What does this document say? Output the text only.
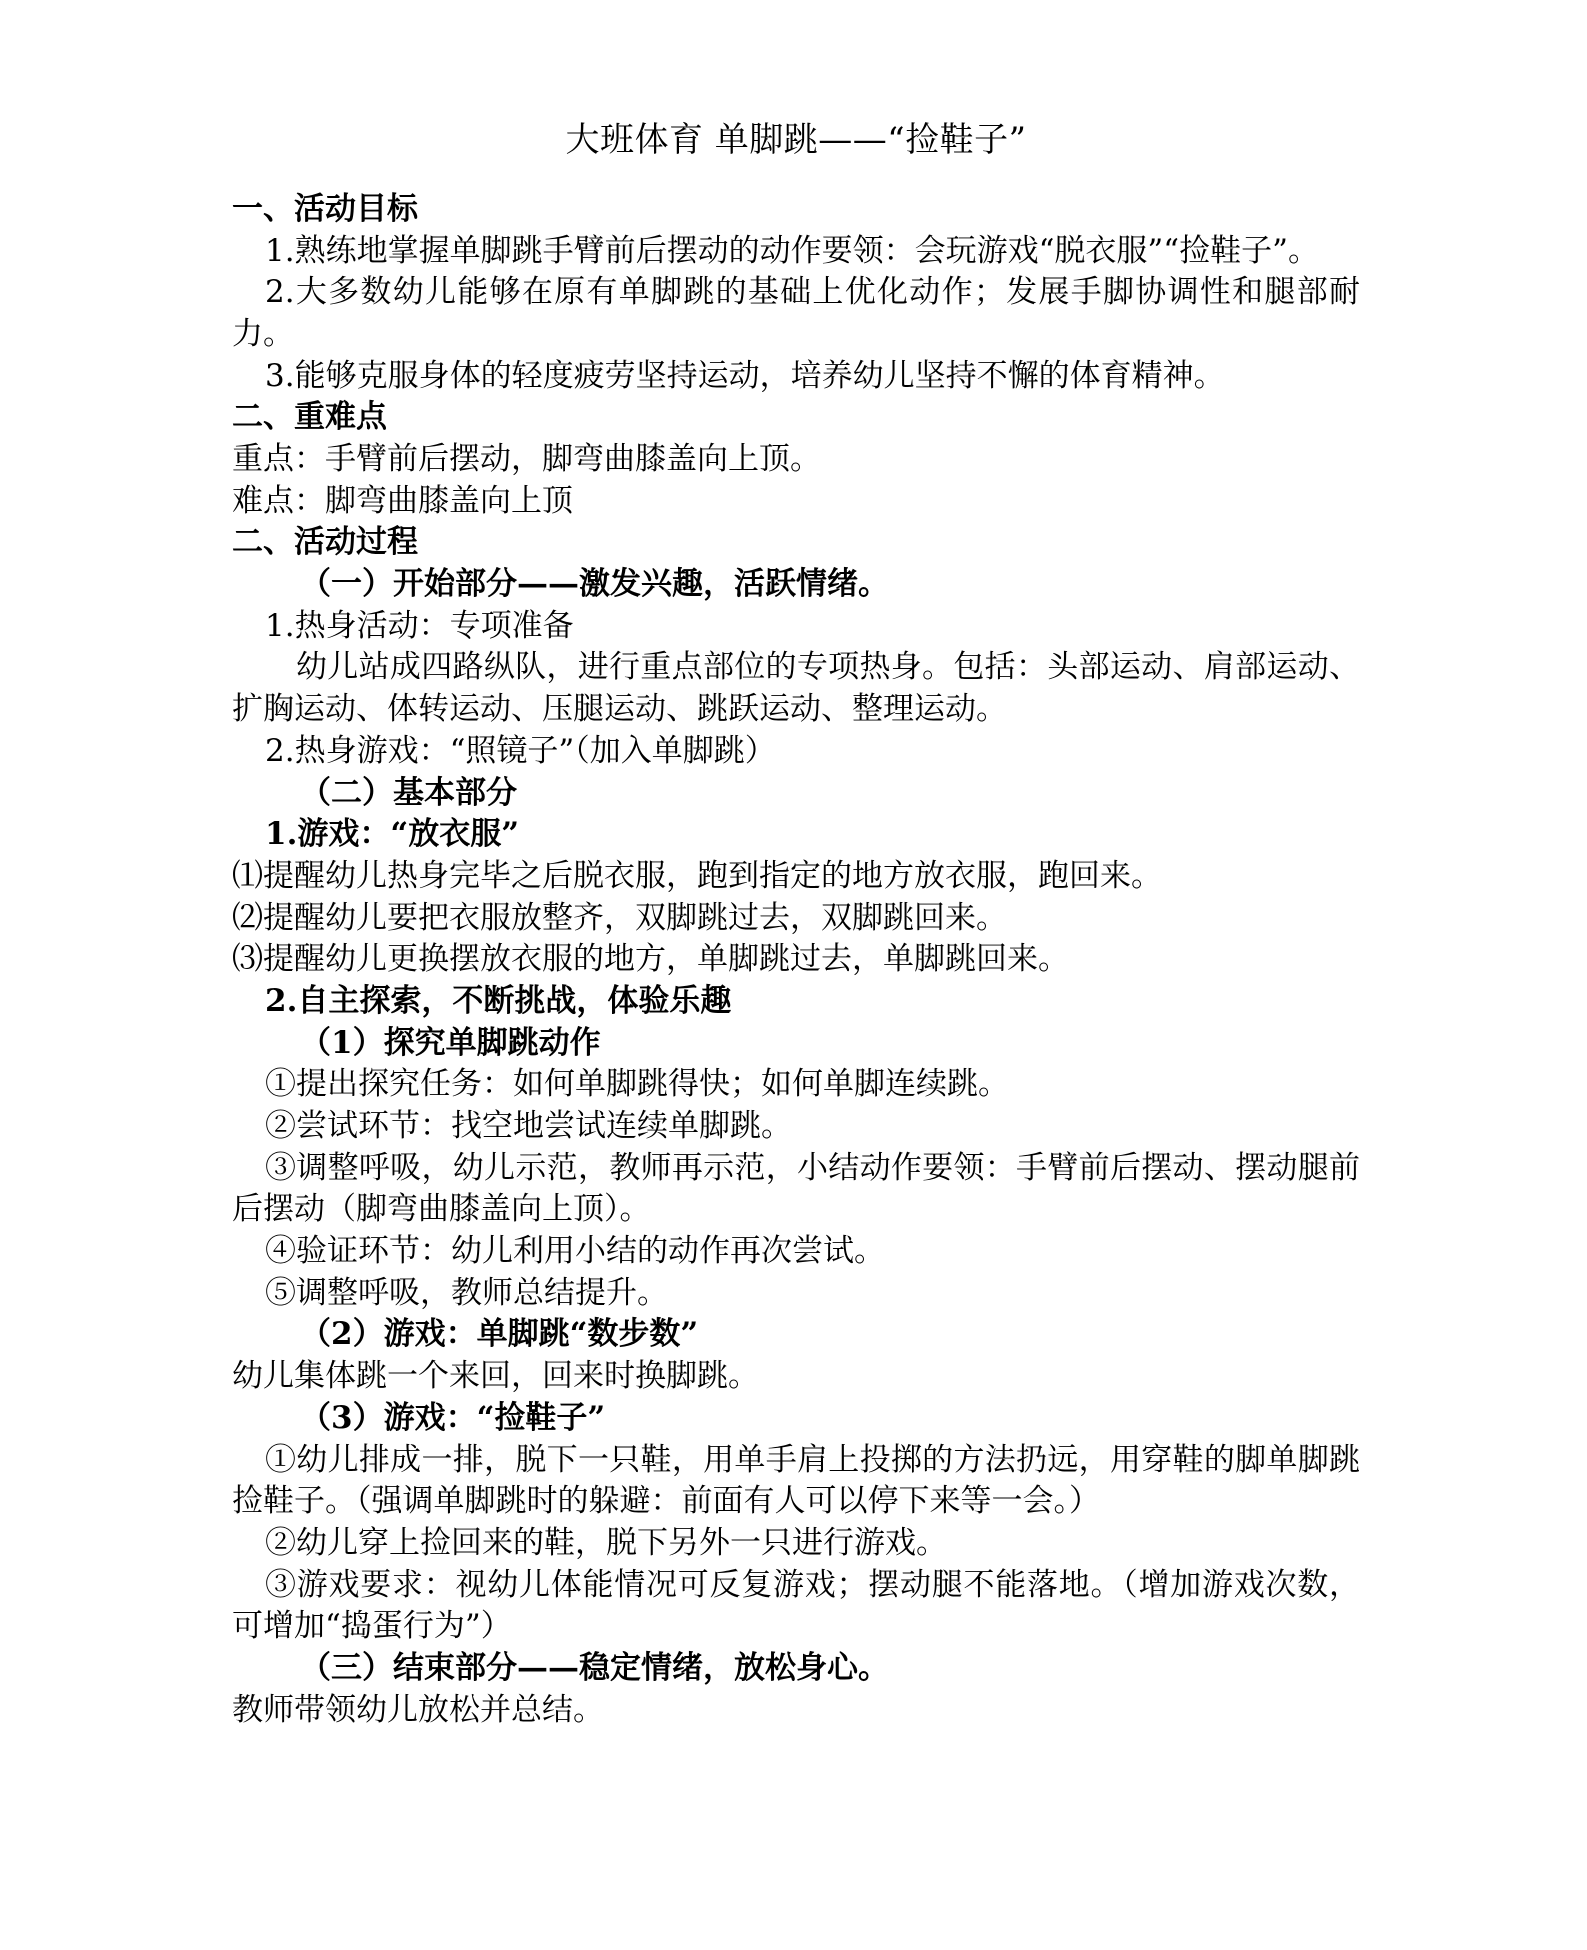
大班体育 单脚跳——“捡鞋子”

一、活动目标

1.熟练地掌握单脚跳手臂前后摆动的动作要领：会玩游戏“脱衣服”“捡鞋子”。

2.大多数幼儿能够在原有单脚跳的基础上优化动作；发展手脚协调性和腿部耐力。

3.能够克服身体的轻度疲劳坚持运动，培养幼儿坚持不懈的体育精神。

二、重难点

重点：手臂前后摆动，脚弯曲膝盖向上顶。

难点：脚弯曲膝盖向上顶

二、活动过程

（一）开始部分——激发兴趣，活跃情绪。

1.热身活动：专项准备

幼儿站成四路纵队，进行重点部位的专项热身。包括：头部运动、肩部运动、扩胸运动、体转运动、压腿运动、跳跃运动、整理运动。

2.热身游戏：“照镜子”（加入单脚跳）

（二）基本部分

1.游戏：“放衣服”

⑴提醒幼儿热身完毕之后脱衣服，跑到指定的地方放衣服，跑回来。

⑵提醒幼儿要把衣服放整齐，双脚跳过去，双脚跳回来。

⑶提醒幼儿更换摆放衣服的地方，单脚跳过去，单脚跳回来。

2.自主探索，不断挑战，体验乐趣

（1）探究单脚跳动作

①提出探究任务：如何单脚跳得快；如何单脚连续跳。

②尝试环节：找空地尝试连续单脚跳。

③调整呼吸，幼儿示范，教师再示范，小结动作要领：手臂前后摆动、摆动腿前后摆动（脚弯曲膝盖向上顶）。

④验证环节：幼儿利用小结的动作再次尝试。

⑤调整呼吸，教师总结提升。

（2）游戏：单脚跳“数步数”

幼儿集体跳一个来回，回来时换脚跳。

（3）游戏：“捡鞋子”

①幼儿排成一排，脱下一只鞋，用单手肩上投掷的方法扔远，用穿鞋的脚单脚跳捡鞋子。（强调单脚跳时的躲避：前面有人可以停下来等一会。）

②幼儿穿上捡回来的鞋，脱下另外一只进行游戏。

③游戏要求：视幼儿体能情况可反复游戏；摆动腿不能落地。（增加游戏次数，可增加“捣蛋行为”）

（三）结束部分——稳定情绪，放松身心。

教师带领幼儿放松并总结。
